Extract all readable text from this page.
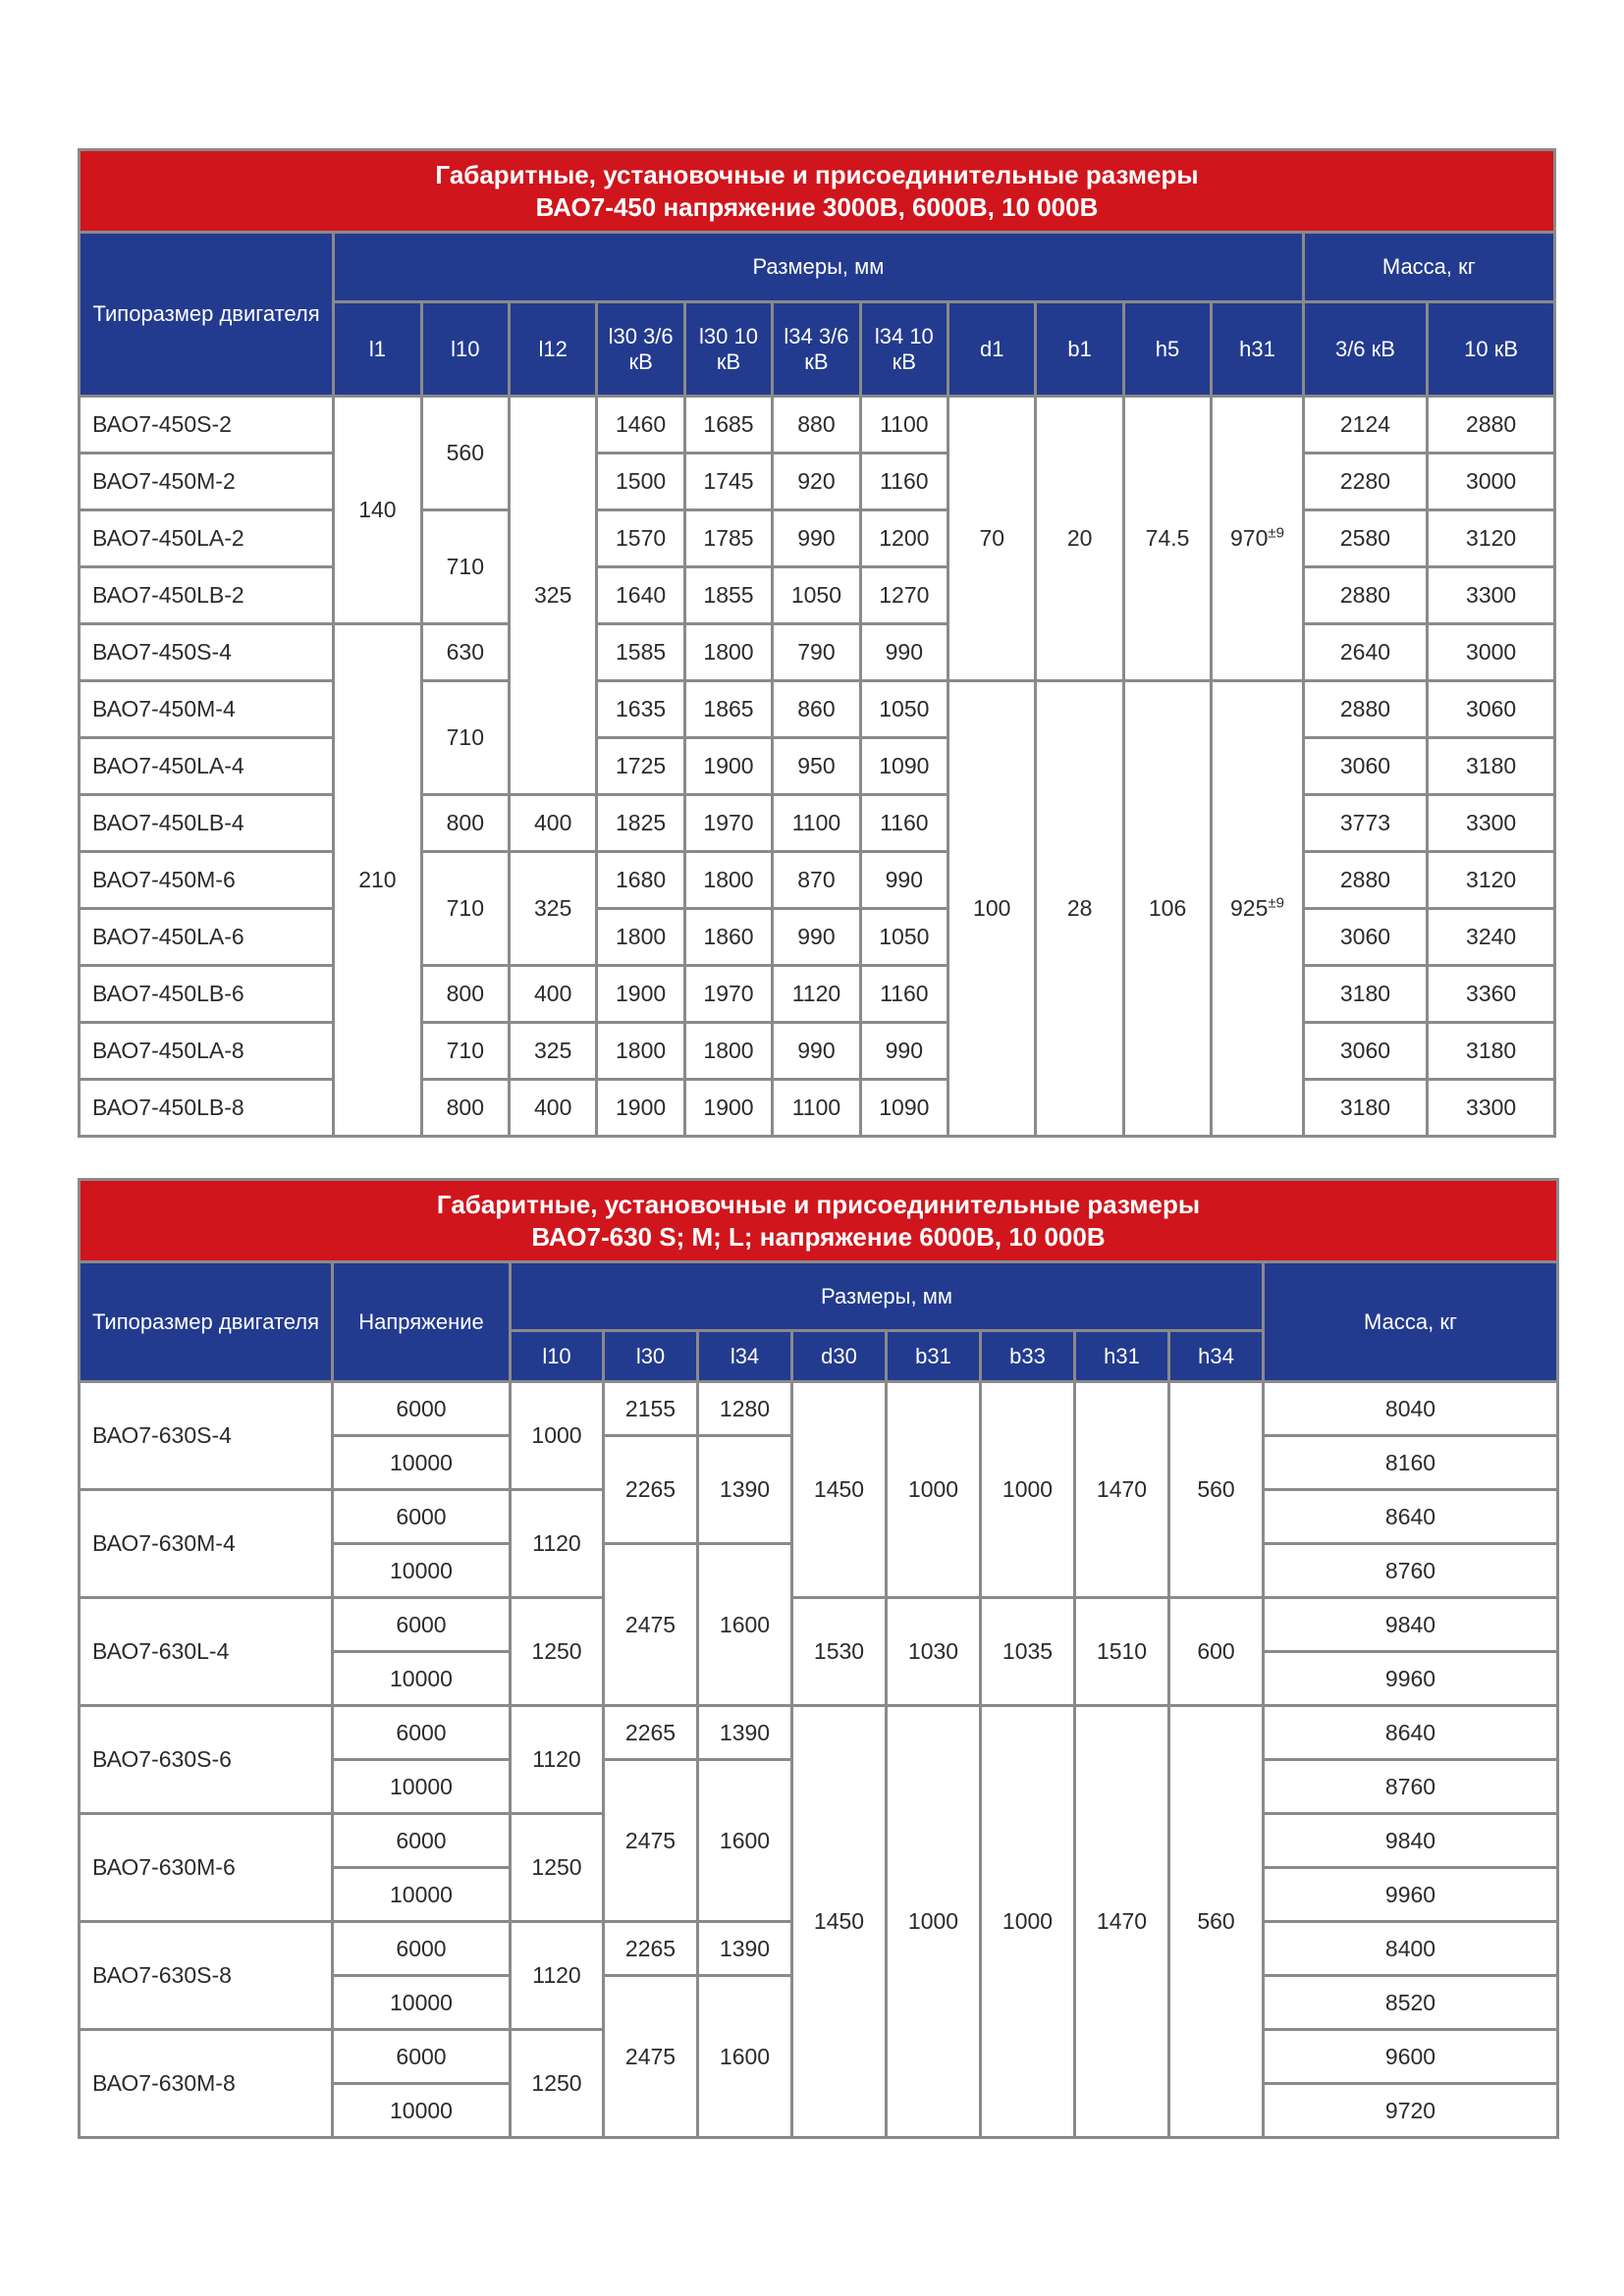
Габаритные, установочные и присоединительные размеры
ВАО7-450 напряжение 3000В, 6000В, 10 000В													

Типоразмер двигателя	Размеры, мм											Масса, кг	
	l1	l10	l12	l30 3/6 кВ	l30 10 кВ	l34 3/6 кВ	l34 10 кВ	d1	b1	h5	h31	3/6 кВ	10 кВ
ВАО7-450S-2	140	560	325	1460	1685	880	1100	70	20	74.5	$970^{\pm 9}$	2124	2880
ВАО7-450M-2				1500	1745	920	1160					2280	3000
ВАО7-450LA-2		710		1570	1785	990	1200					2580	3120
ВАО7-450LB-2				1640	1855	1050	1270					2880	3300
ВАО7-450S-4	210	630		1585	1800	790	990					2640	3000
ВАО7-450M-4		710		1635	1865	860	1050	100	28	106	$925^{\pm 9}$	2880	3060
ВАО7-450LA-4				1725	1900	950	1090					3060	3180
ВАО7-450LB-4		800	400	1825	1970	1100	1160					3773	3300
ВАО7-450M-6		710	325	1680	1800	870	990					2880	3120
ВАО7-450LA-6				1800	1860	990	1050					3060	3240
ВАО7-450LB-6		800	400	1900	1970	1120	1160					3180	3360
ВАО7-450LA-8		710	325	1800	1800	990	990					3060	3180
ВАО7-450LB-8		800	400	1900	1900	1100	1090					3180	3300
Габаритные, установочные и присоединительные размеры
ВАО7-630 S; M; L; напряжение 6000В, 10 000В										

Типоразмер двигателя	Напряжение	Размеры, мм								Масса, кг
		l10	l30	l34	d30	b31	b33	h31	h34	
ВАО7-630S-4	6000	1000	2155	1280	1450	1000	1000	1470	560	8040
	10000		2265	1390						8160
ВАО7-630M-4	6000	1120								8640
	10000		2475	1600						8760
ВАО7-630L-4	6000	1250			1530	1030	1035	1510	600	9840
	10000									9960
ВАО7-630S-6	6000	1120	2265	1390	1450	1000	1000	1470	560	8640
	10000		2475	1600						8760
ВАО7-630M-6	6000	1250								9840
	10000									9960
ВАО7-630S-8	6000	1120	2265	1390						8400
	10000		2475	1600						8520
ВАО7-630M-8	6000	1250								9600
	10000									9720
